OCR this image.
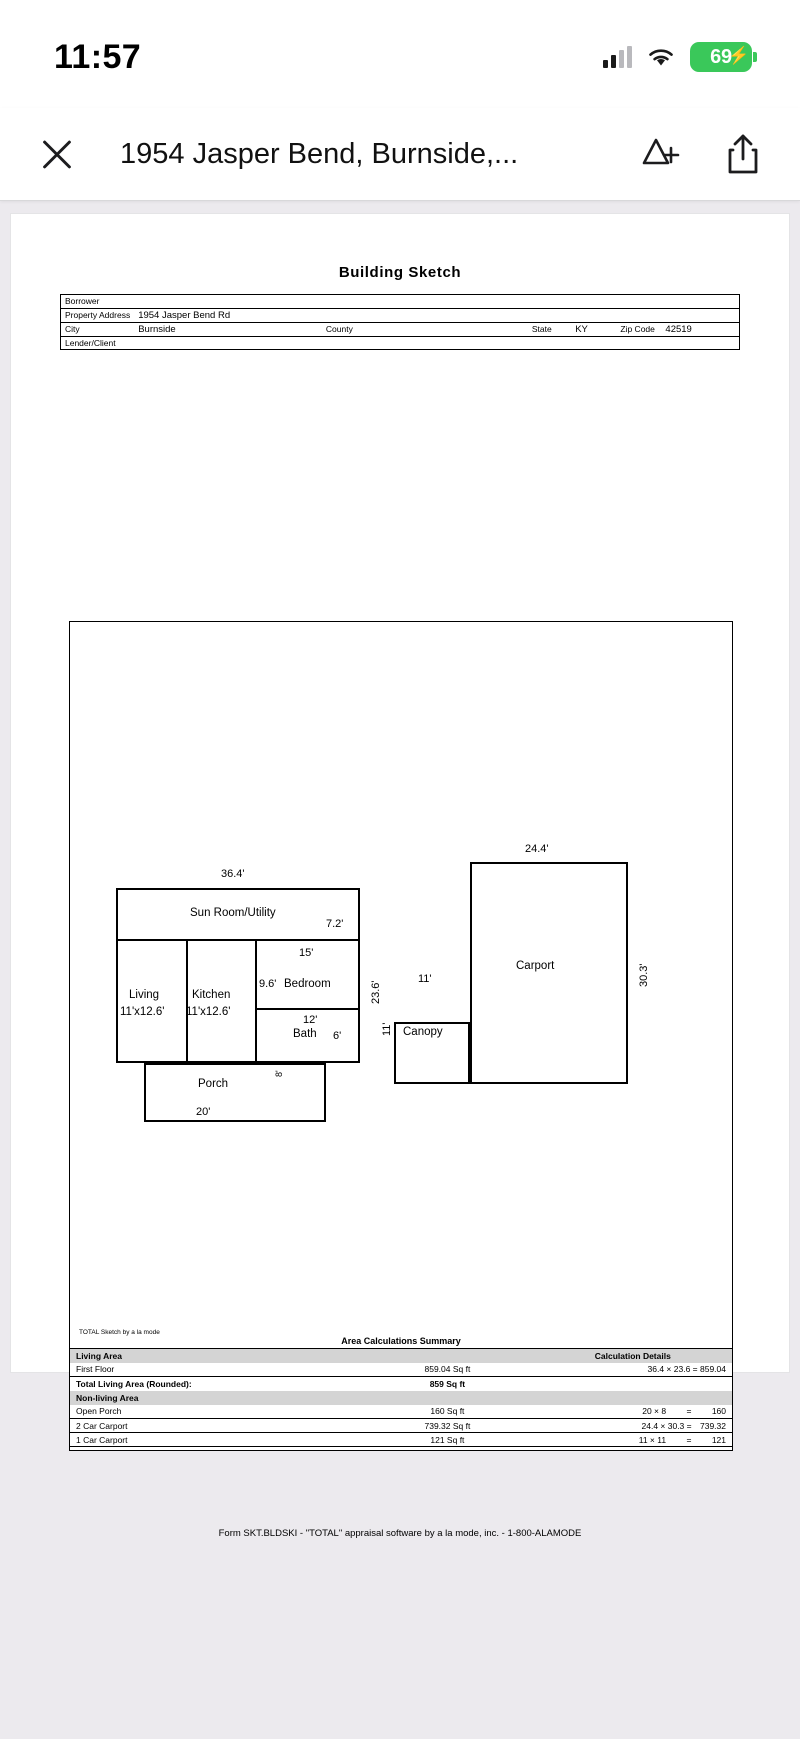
11:57	69
⚡
1954 Jasper Bend, Burnside,...
Building Sketch
Borrower					
Property Address	1954 Jasper Bend Rd				
City	Burnside	County		State	KY Zip Code 42519
Lender/Client					
Sun Room/Utility
Living
11'x12.6'
Kitchen
11'x12.6'
Bedroom
Bath
Porch
Canopy
Carport
36.4'
23.6'
7.2'
15'
9.6'
12'
6'
20'
8'
11'
11'
24.4'
30.3'
TOTAL Sketch by a la mode
Area Calculations Summary
Living Area		Calculation Details
First Floor	859.04 Sq ft	36.4 × 23.6 = 859.04
Total Living Area (Rounded):	859 Sq ft	
Non-living Area		
Open Porch	160 Sq ft	20 × 8 = 160
2 Car Carport	739.32 Sq ft	24.4 × 30.3 = 739.32
1 Car Carport	121 Sq ft	11 × 11 = 121
Form SKT.BLDSKI - "TOTAL" appraisal software by a la mode, inc. - 1-800-ALAMODE
